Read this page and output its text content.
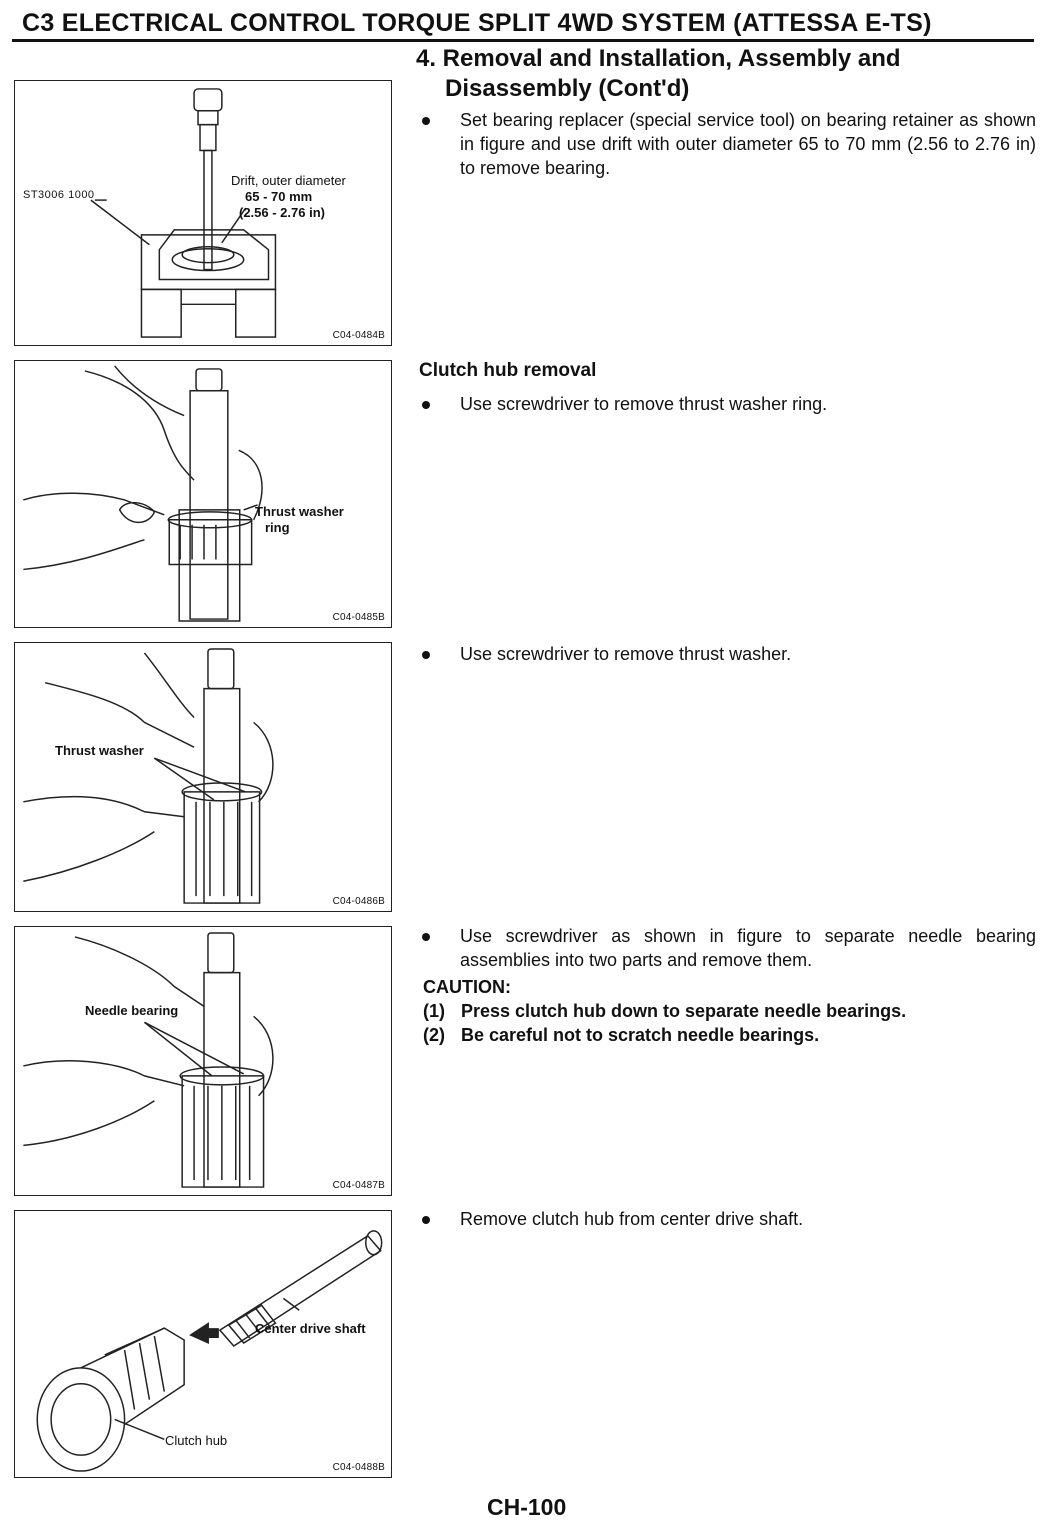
C3 ELECTRICAL CONTROL TORQUE SPLIT 4WD SYSTEM (ATTESSA E-TS)
ST3006 1000
Drift, outer diameter
65 - 70 mm
(2.56 - 2.76 in)
C04-0484B
Thrust washer
ring
C04-0485B
Thrust washer
C04-0486B
Needle bearing
C04-0487B
Center drive shaft
Clutch hub
C04-0488B
4. Removal and Installation, Assembly and
Disassembly (Cont'd)
Set bearing replacer (special service tool) on bearing retainer as shown in figure and use drift with outer diameter 65 to 70 mm (2.56 to 2.76 in) to remove bearing.
Clutch hub removal
Use screwdriver to remove thrust washer ring.
Use screwdriver to remove thrust washer.
Use screwdriver as shown in figure to separate needle bearing assemblies into two parts and remove them.
CAUTION:
(1) Press clutch hub down to separate needle bearings.
(2) Be careful not to scratch needle bearings.
Remove clutch hub from center drive shaft.
CH-100
